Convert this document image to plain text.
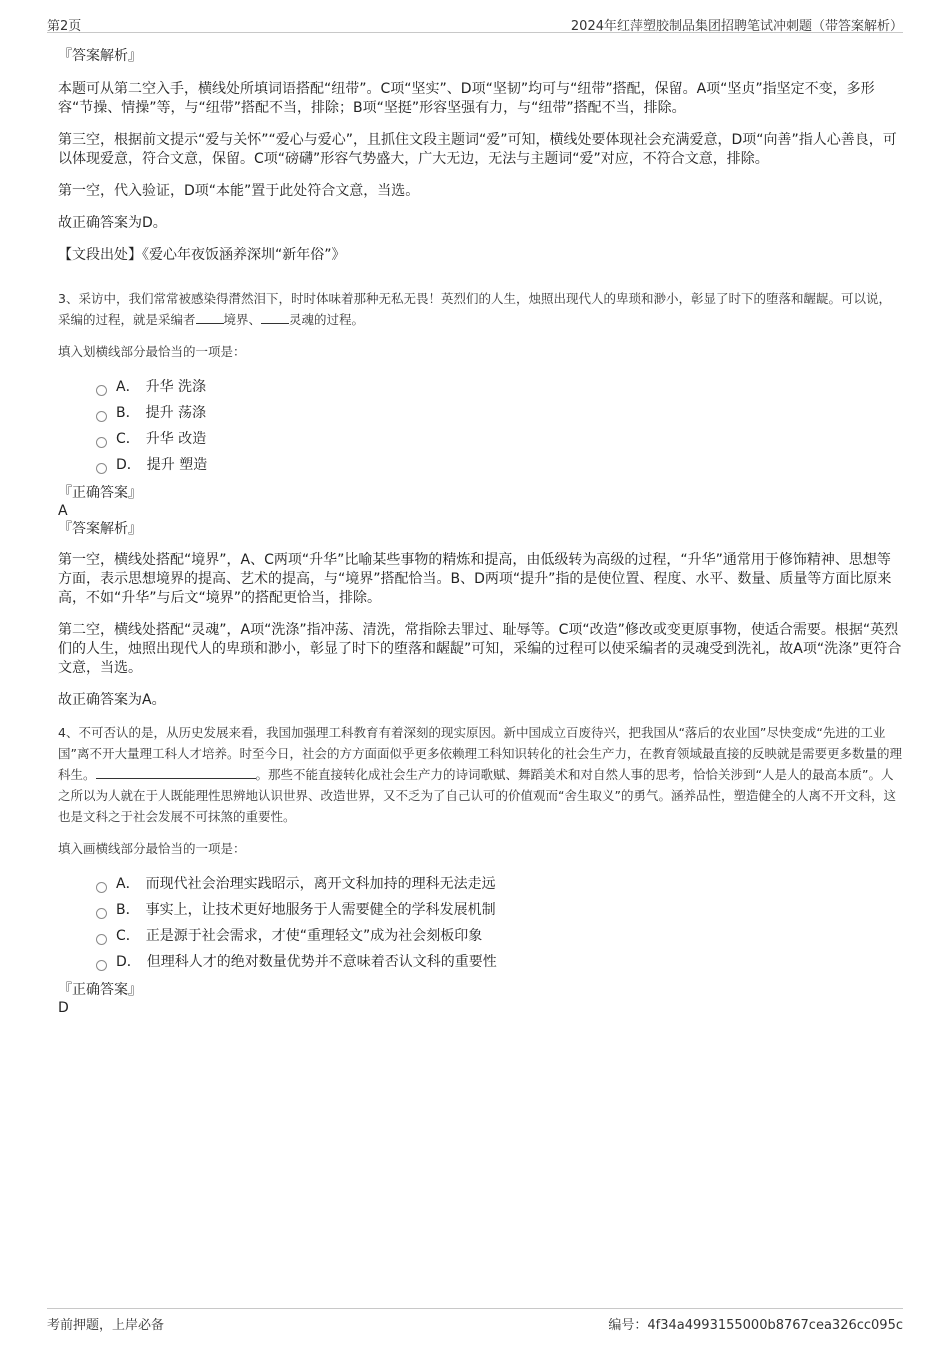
第2页	2024年红萍塑胶制品集团招聘笔试冲刺题（带答案解析）

『答案解析』

本题可从第二空入手，横线处所填词语搭配“纽带”。C项“坚实”、D项“坚韧”均可与“纽带”搭配，保留。A项“坚贞”指坚定不变，多形容“节操、情操”等，与“纽带”搭配不当，排除；B项“坚挺”形容坚强有力，与“纽带”搭配不当，排除。

第三空，根据前文提示“爱与关怀”“爱心与爱心”，且抓住文段主题词“爱”可知，横线处要体现社会充满爱意，D项“向善”指人心善良，可以体现爱意，符合文意，保留。C项“磅礴”形容气势盛大，广大无边，无法与主题词“爱”对应，不符合文意，排除。

第一空，代入验证，D项“本能”置于此处符合文意，当选。

故正确答案为D。

【文段出处】《爱心年夜饭涵养深圳“新年俗”》

3、采访中，我们常常被感染得潸然泪下，时时体味着那种无私无畏！英烈们的人生，烛照出现代人的卑琐和渺小，彰显了时下的堕落和龌龊。可以说，采编的过程，就是采编者 境界、 灵魂的过程。

填入划横线部分最恰当的一项是：

A． 升华 洗涤
B． 提升 荡涤
C． 升华 改造
D． 提升 塑造

『正确答案』

A

『答案解析』

第一空，横线处搭配“境界”，A、C两项“升华”比喻某些事物的精炼和提高，由低级转为高级的过程，“升华”通常用于修饰精神、思想等方面，表示思想境界的提高、艺术的提高，与“境界”搭配恰当。B、D两项“提升”指的是使位置、程度、水平、数量、质量等方面比原来高，不如“升华”与后文“境界”的搭配更恰当，排除。

第二空，横线处搭配“灵魂”，A项“洗涤”指冲荡、清洗，常指除去罪过、耻辱等。C项“改造”修改或变更原事物，使适合需要。根据“英烈们的人生，烛照出现代人的卑琐和渺小，彰显了时下的堕落和龌龊”可知，采编的过程可以使采编者的灵魂受到洗礼，故A项“洗涤”更符合文意，当选。

故正确答案为A。

4、不可否认的是，从历史发展来看，我国加强理工科教育有着深刻的现实原因。新中国成立百废待兴，把我国从“落后的农业国”尽快变成“先进的工业国”离不开大量理工科人才培养。时至今日，社会的方方面面似乎更多依赖理工科知识转化的社会生产力，在教育领域最直接的反映就是需要更多数量的理科生。	。那些不能直接转化成社会生产力的诗词歌赋、舞蹈美术和对自然人事的思考，恰恰关涉到“人是人的最高本质”。人之所以为人就在于人既能理性思辨地认识世界、改造世界，又不乏为了自己认可的价值观而“舍生取义”的勇气。涵养品性，塑造健全的人离不开文科，这也是文科之于社会发展不可抹煞的重要性。

填入画横线部分最恰当的一项是：

A． 而现代社会治理实践昭示，离开文科加持的理科无法走远
B． 事实上，让技术更好地服务于人需要健全的学科发展机制
C． 正是源于社会需求，才使“重理轻文”成为社会刻板印象
D． 但理科人才的绝对数量优势并不意味着否认文科的重要性

『正确答案』

D

考前押题，上岸必备	编号：4f34a4993155000b8767cea326cc095c
